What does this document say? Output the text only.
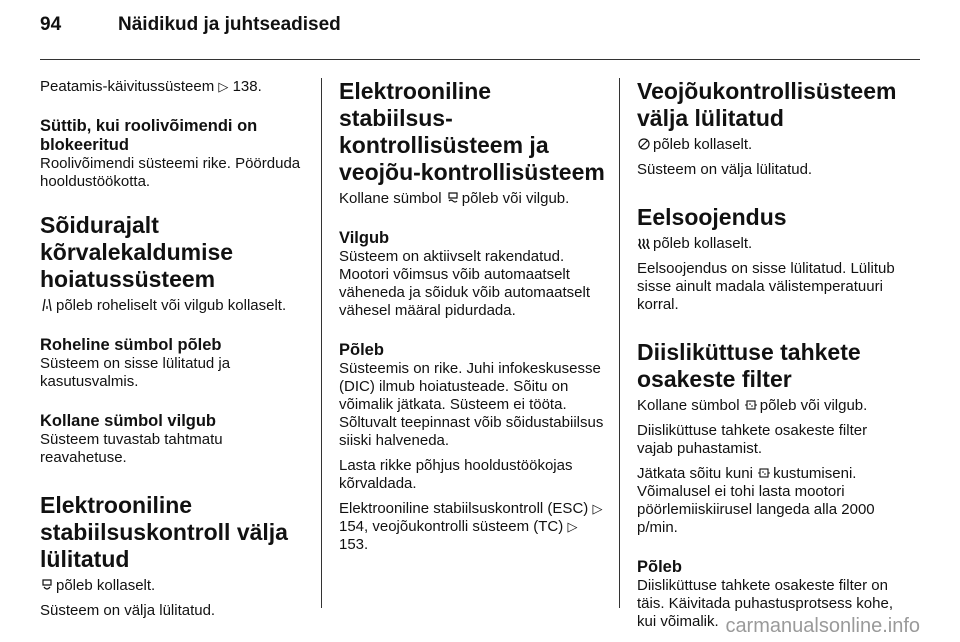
94	Näidikud ja juhtseadised

Peatamis-käivitussüsteem ▷ 138.

Süttib, kui roolivõimendi on blokeeritud

Roolivõimendi süsteemi rike. Pöörduda hooldustöökotta.

Sõidurajalt kõrvalekaldumise hoiatussüsteem

põleb roheliselt või vilgub kollaselt.

Roheline sümbol põleb

Süsteem on sisse lülitatud ja kasutusvalmis.

Kollane sümbol vilgub

Süsteem tuvastab tahtmatu reavahetuse.

Elektrooniline stabiilsuskontroll välja lülitatud

põleb kollaselt.

Süsteem on välja lülitatud.

Elektrooniline stabiilsus-kontrollisüsteem ja veojõu-kontrollisüsteem

Kollane sümbol põleb või vilgub.

Vilgub

Süsteem on aktiivselt rakendatud. Mootori võimsus võib automaatselt väheneda ja sõiduk võib automaatselt vähesel määral pidurdada.

Põleb

Süsteemis on rike. Juhi infokeskusesse (DIC) ilmub hoiatusteade. Sõitu on võimalik jätkata. Süsteem ei tööta. Sõltuvalt teepinnast võib sõidustabiilsus siiski halveneda.

Lasta rikke põhjus hooldustöökojas kõrvaldada.

Elektrooniline stabiilsuskontroll (ESC) ▷ 154, veojõukontrolli süsteem (TC) ▷ 153.

Veojõukontrollisüsteem välja lülitatud

põleb kollaselt.

Süsteem on välja lülitatud.

Eelsoojendus

põleb kollaselt.

Eelsoojendus on sisse lülitatud. Lülitub sisse ainult madala välistemperatuuri korral.

Diisliküttuse tahkete osakeste filter

Kollane sümbol põleb või vilgub.

Diisliküttuse tahkete osakeste filter vajab puhastamist.

Jätkata sõitu kuni kustumiseni. Võimalusel ei tohi lasta mootori pöörlemiiskiirusel langeda alla 2000 p/min.

Põleb

Diisliküttuse tahkete osakeste filter on täis. Käivitada puhastusprotsess kohe, kui võimalik. carmanualsonline.info
